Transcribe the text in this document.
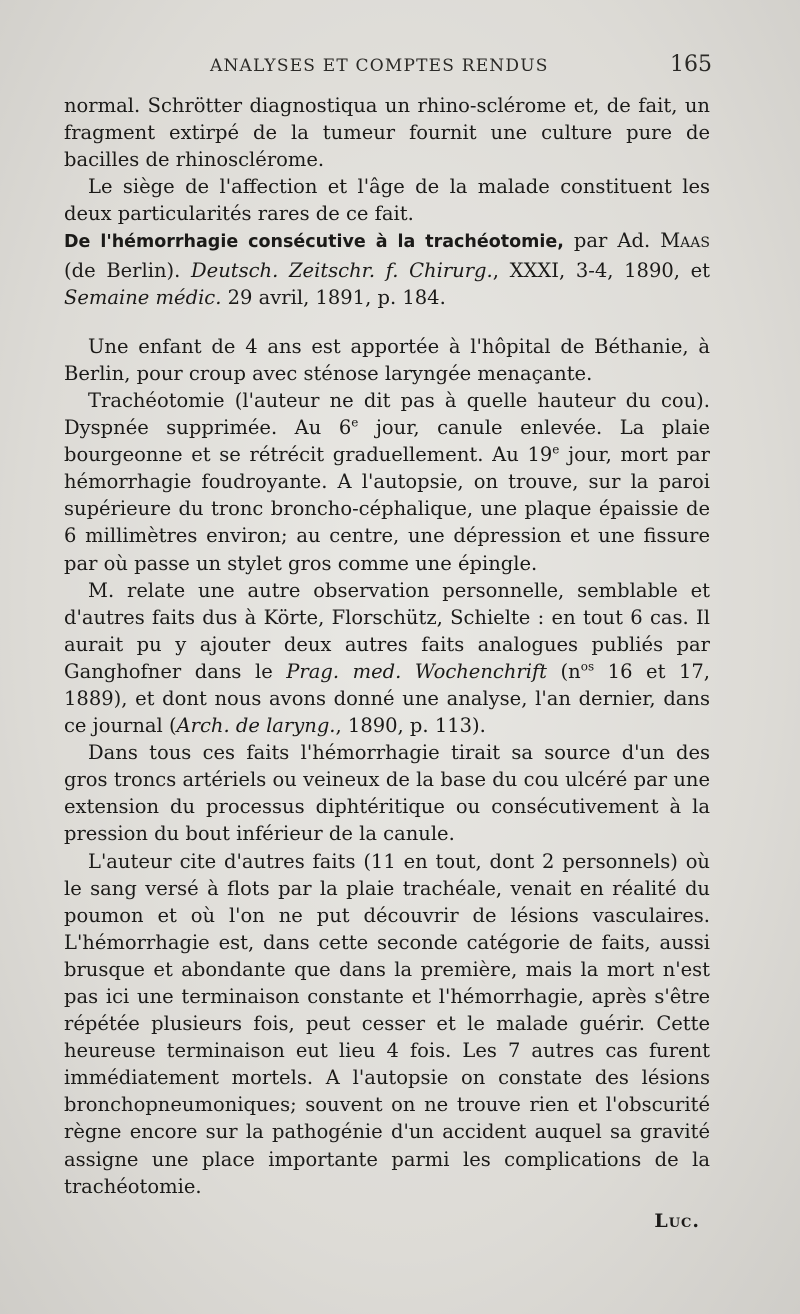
ANALYSES ET COMPTES RENDUS	165

normal. Schrötter diagnostiqua un rhino-sclérome et, de fait, un fragment extirpé de la tumeur fournit une culture pure de bacilles de rhinosclérome.

Le siège de l'affection et l'âge de la malade constituent les deux particularités rares de ce fait.

De l'hémorrhagie consécutive à la trachéotomie, par Ad. Maas (de Berlin). Deutsch. Zeitschr. f. Chirurg., XXXI, 3-4, 1890, et Semaine médic. 29 avril, 1891, p. 184.

Une enfant de 4 ans est apportée à l'hôpital de Béthanie, à Berlin, pour croup avec sténose laryngée menaçante.

Trachéotomie (l'auteur ne dit pas à quelle hauteur du cou). Dyspnée supprimée. Au 6e jour, canule enlevée. La plaie bourgeonne et se rétrécit graduellement. Au 19e jour, mort par hémorrhagie foudroyante. A l'autopsie, on trouve, sur la paroi supérieure du tronc broncho-céphalique, une plaque épaissie de 6 millimètres environ; au centre, une dépression et une fissure par où passe un stylet gros comme une épingle.

M. relate une autre observation personnelle, semblable et d'autres faits dus à Körte, Florschütz, Schielte : en tout 6 cas. Il aurait pu y ajouter deux autres faits analogues publiés par Ganghofner dans le Prag. med. Wochenchrift ($n^{os}$ 16 et 17, 1889), et dont nous avons donné une analyse, l'an dernier, dans ce journal (Arch. de laryng., 1890, p. 113).

Dans tous ces faits l'hémorrhagie tirait sa source d'un des gros troncs artériels ou veineux de la base du cou ulcéré par une extension du processus diphtéritique ou consécutivement à la pression du bout inférieur de la canule.

L'auteur cite d'autres faits (11 en tout, dont 2 personnels) où le sang versé à flots par la plaie trachéale, venait en réalité du poumon et où l'on ne put découvrir de lésions vasculaires. L'hémorrhagie est, dans cette seconde catégorie de faits, aussi brusque et abondante que dans la première, mais la mort n'est pas ici une terminaison constante et l'hémorrhagie, après s'être répétée plusieurs fois, peut cesser et le malade guérir. Cette heureuse terminaison eut lieu 4 fois. Les 7 autres cas furent immédiatement mortels. A l'autopsie on constate des lésions bronchopneumoniques; souvent on ne trouve rien et l'obscurité règne encore sur la pathogénie d'un accident auquel sa gravité assigne une place importante parmi les complications de la trachéotomie.

Luc.
